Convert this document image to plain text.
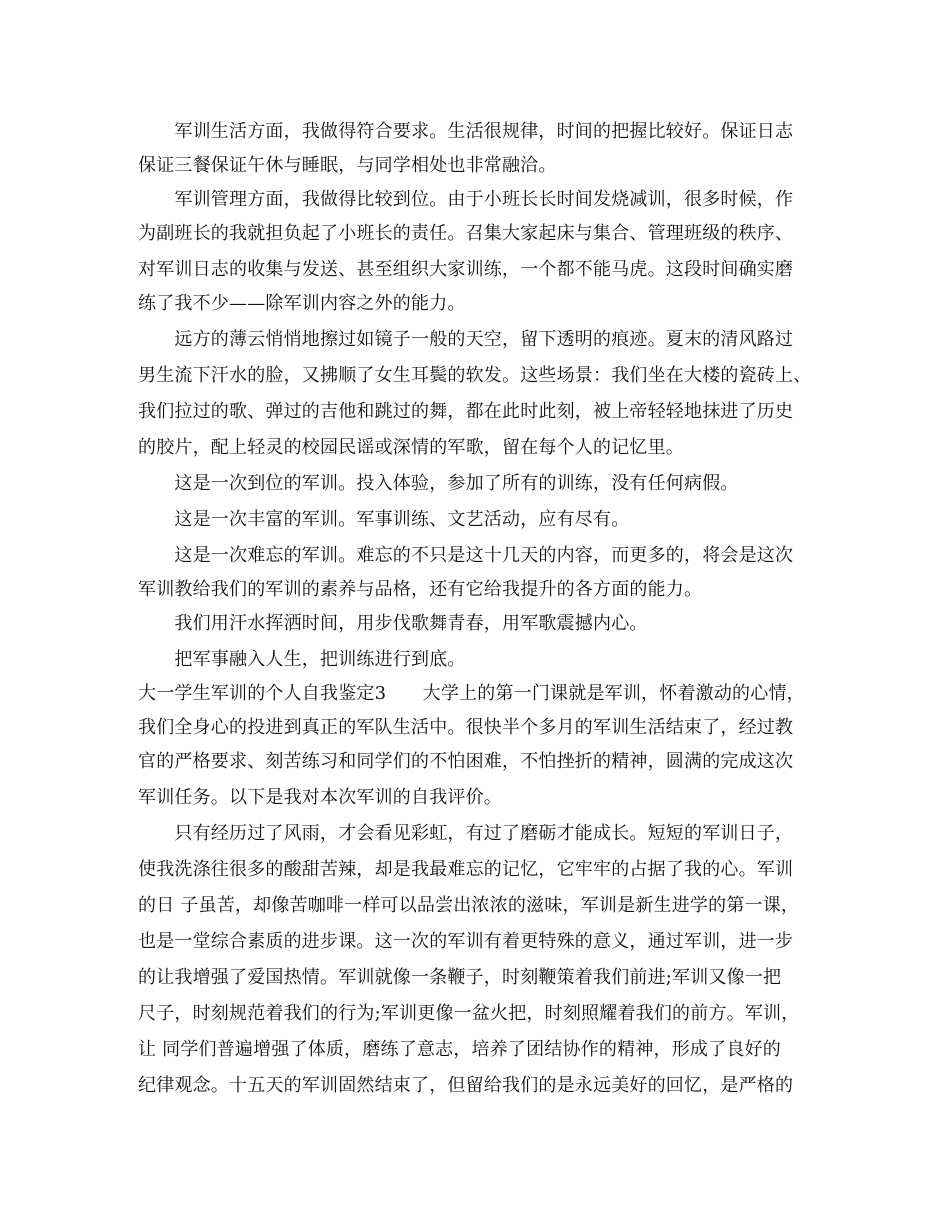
　　军训生活方面，我做得符合要求。生活很规律，时间的把握比较好。保证日志
保证三餐保证午休与睡眠，与同学相处也非常融洽。
　　军训管理方面，我做得比较到位。由于小班长长时间发烧减训，很多时候，作
为副班长的我就担负起了小班长的责任。召集大家起床与集合、管理班级的秩序、
对军训日志的收集与发送、甚至组织大家训练，一个都不能马虎。这段时间确实磨
练了我不少——除军训内容之外的能力。
　　远方的薄云悄悄地擦过如镜子一般的天空，留下透明的痕迹。夏末的清风路过
男生流下汗水的脸，又拂顺了女生耳鬓的软发。这些场景：我们坐在大楼的瓷砖上、
我们拉过的歌、弹过的吉他和跳过的舞，都在此时此刻，被上帝轻轻地抹进了历史
的胶片，配上轻灵的校园民谣或深情的军歌，留在每个人的记忆里。
　　这是一次到位的军训。投入体验，参加了所有的训练，没有任何病假。
　　这是一次丰富的军训。军事训练、文艺活动，应有尽有。
　　这是一次难忘的军训。难忘的不只是这十几天的内容，而更多的，将会是这次
军训教给我们的军训的素养与品格，还有它给我提升的各方面的能力。
　　我们用汗水挥洒时间，用步伐歌舞青春，用军歌震撼内心。
　　把军事融入人生，把训练进行到底。
大一学生军训的个人自我鉴定3　　大学上的第一门课就是军训，怀着激动的心情，
我们全身心的投进到真正的军队生活中。很快半个多月的军训生活结束了，经过教
官的严格要求、刻苦练习和同学们的不怕困难，不怕挫折的精神，圆满的完成这次
军训任务。以下是我对本次军训的自我评价。
　　只有经历过了风雨，才会看见彩虹，有过了磨砺才能成长。短短的军训日子，
使我洗涤往很多的酸甜苦辣，却是我最难忘的记忆，它牢牢的占据了我的心。军训
的日 子虽苦，却像苦咖啡一样可以品尝出浓浓的滋味，军训是新生进学的第一课，
也是一堂综合素质的进步课。这一次的军训有着更特殊的意义，通过军训，进一步
的让我增强了爱国热情。军训就像一条鞭子，时刻鞭策着我们前进;军训又像一把
尺子，时刻规范着我们的行为;军训更像一盆火把，时刻照耀着我们的前方。军训，
让 同学们普遍增强了体质，磨练了意志，培养了团结协作的精神，形成了良好的
纪律观念。十五天的军训固然结束了，但留给我们的是永远美好的回忆，是严格的
